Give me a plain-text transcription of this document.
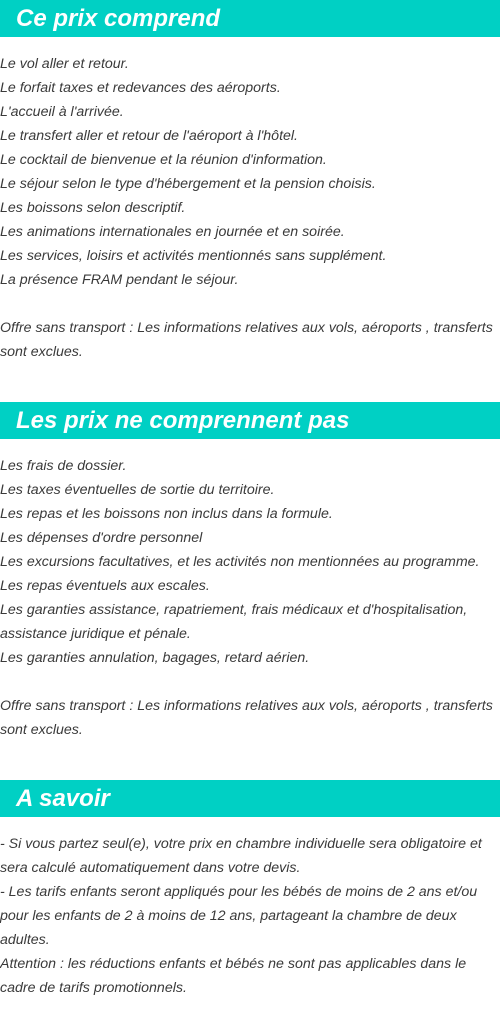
Ce prix comprend
Le vol aller et retour.
Le forfait taxes et redevances des aéroports.
L'accueil à l'arrivée.
Le transfert aller et retour de l'aéroport à l'hôtel.
Le cocktail de bienvenue et la réunion d'information.
Le séjour selon le type d'hébergement et la pension choisis.
Les boissons selon descriptif.
Les animations internationales en journée et en soirée.
Les services, loisirs et activités mentionnés sans supplément.
La présence FRAM pendant le séjour.
Offre sans transport : Les informations relatives aux vols, aéroports , transferts sont exclues.
Les prix ne comprennent pas
Les frais de dossier.
Les taxes éventuelles de sortie du territoire.
Les repas et les boissons non inclus dans la formule.
Les dépenses d'ordre personnel
Les excursions facultatives, et les activités non mentionnées au programme.
Les repas éventuels aux escales.
Les garanties assistance, rapatriement, frais médicaux et d'hospitalisation, assistance juridique et pénale.
Les garanties annulation, bagages, retard aérien.
Offre sans transport : Les informations relatives aux vols, aéroports , transferts sont exclues.
A savoir
- Si vous partez seul(e), votre prix en chambre individuelle sera obligatoire et sera calculé automatiquement dans votre devis.
- Les tarifs enfants seront appliqués pour les bébés de moins de 2 ans et/ou pour les enfants de 2 à moins de 12 ans, partageant la chambre de deux adultes.
Attention : les réductions enfants et bébés ne sont pas applicables dans le cadre de tarifs promotionnels.
